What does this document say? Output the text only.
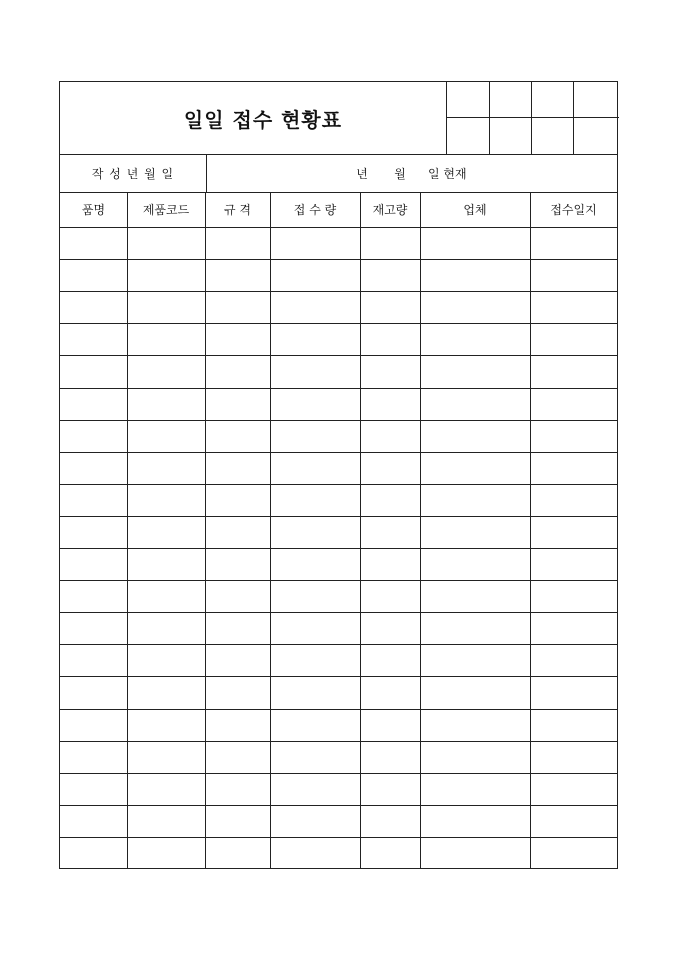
일일 접수 현황표
작 성 년 월 일	년	월	일 현재
품명	제품코드	규 격	접 수 량	재고량	업체	접수일지
